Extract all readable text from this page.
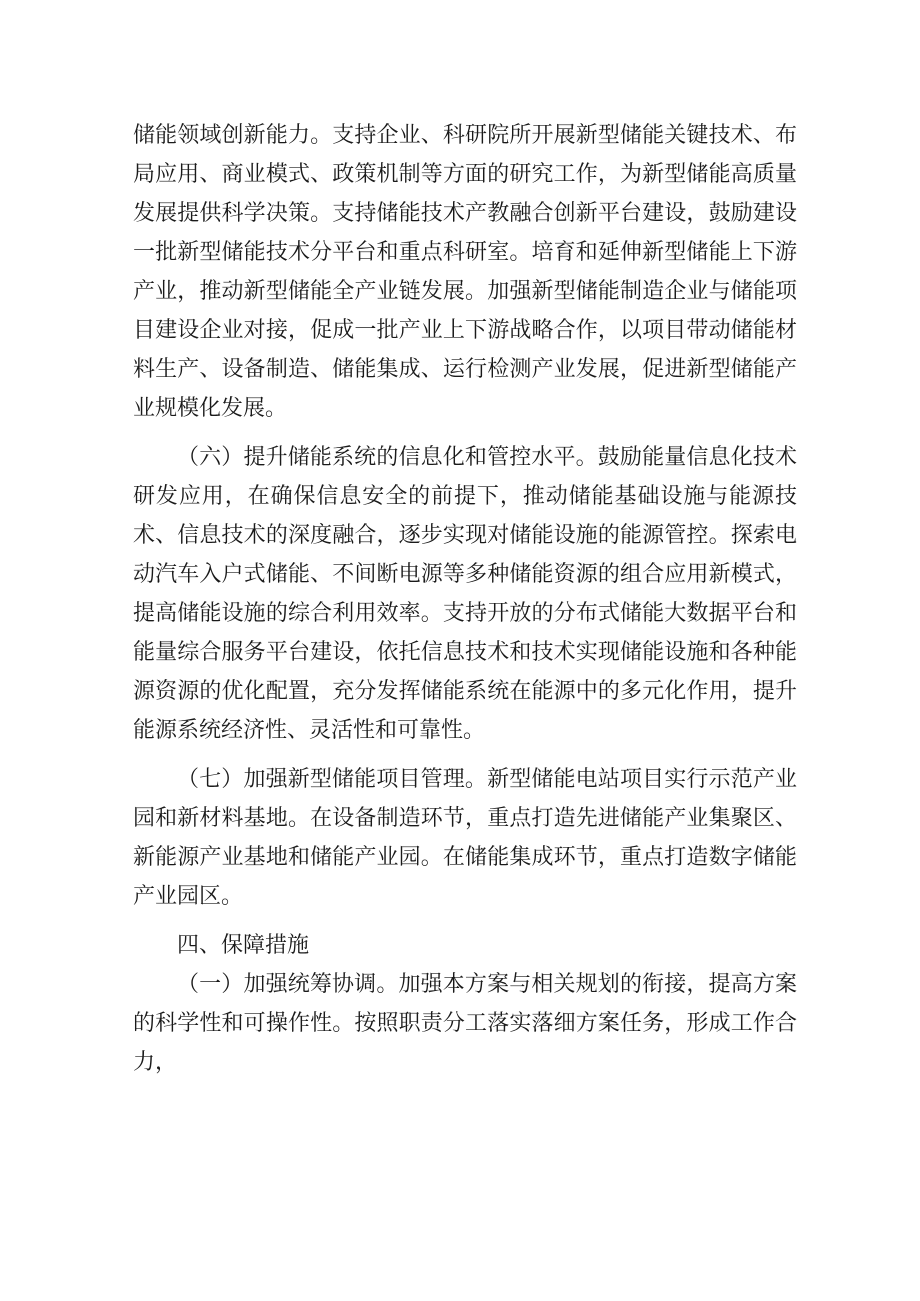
储能领域创新能力。支持企业、科研院所开展新型储能关键技术、布局应用、商业模式、政策机制等方面的研究工作，为新型储能高质量发展提供科学决策。支持储能技术产教融合创新平台建设，鼓励建设一批新型储能技术分平台和重点科研室。培育和延伸新型储能上下游产业，推动新型储能全产业链发展。加强新型储能制造企业与储能项目建设企业对接，促成一批产业上下游战略合作，以项目带动储能材料生产、设备制造、储能集成、运行检测产业发展，促进新型储能产业规模化发展。

（六）提升储能系统的信息化和管控水平。鼓励能量信息化技术研发应用，在确保信息安全的前提下，推动储能基础设施与能源技术、信息技术的深度融合，逐步实现对储能设施的能源管控。探索电动汽车入户式储能、不间断电源等多种储能资源的组合应用新模式，提高储能设施的综合利用效率。支持开放的分布式储能大数据平台和能量综合服务平台建设，依托信息技术和技术实现储能设施和各种能源资源的优化配置，充分发挥储能系统在能源中的多元化作用，提升能源系统经济性、灵活性和可靠性。

（七）加强新型储能项目管理。新型储能电站项目实行示范产业园和新材料基地。在设备制造环节，重点打造先进储能产业集聚区、新能源产业基地和储能产业园。在储能集成环节，重点打造数字储能产业园区。

四、保障措施

（一）加强统筹协调。加强本方案与相关规划的衔接，提高方案的科学性和可操作性。按照职责分工落实落细方案任务，形成工作合力，
